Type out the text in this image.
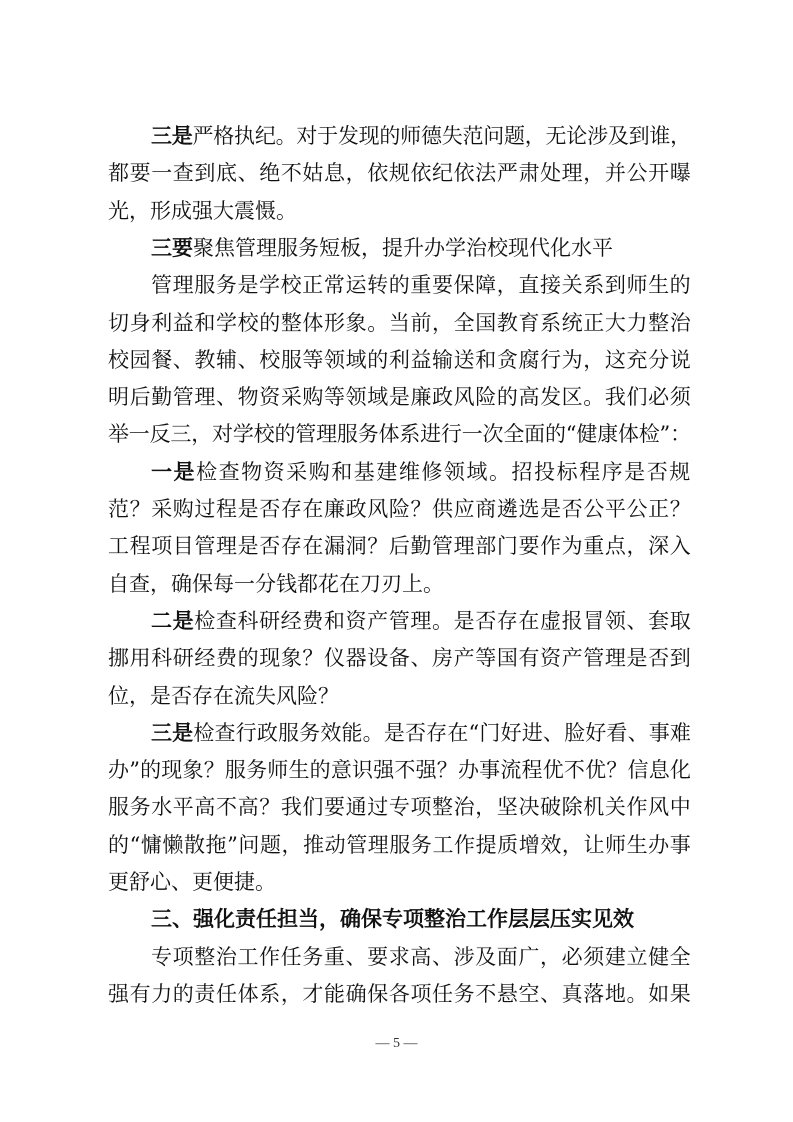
三是严格执纪。对于发现的师德失范问题，无论涉及到谁，
都要一查到底、绝不姑息，依规依纪依法严肃处理，并公开曝
光，形成强大震慑。
三要聚焦管理服务短板，提升办学治校现代化水平
管理服务是学校正常运转的重要保障，直接关系到师生的
切身利益和学校的整体形象。当前，全国教育系统正大力整治
校园餐、教辅、校服等领域的利益输送和贪腐行为，这充分说
明后勤管理、物资采购等领域是廉政风险的高发区。我们必须
举一反三，对学校的管理服务体系进行一次全面的“健康体检”：
一是检查物资采购和基建维修领域。招投标程序是否规
范？采购过程是否存在廉政风险？供应商遴选是否公平公正？
工程项目管理是否存在漏洞？后勤管理部门要作为重点，深入
自查，确保每一分钱都花在刀刃上。
二是检查科研经费和资产管理。是否存在虚报冒领、套取
挪用科研经费的现象？仪器设备、房产等国有资产管理是否到
位，是否存在流失风险？
三是检查行政服务效能。是否存在“门好进、脸好看、事难
办”的现象？服务师生的意识强不强？办事流程优不优？信息化
服务水平高不高？我们要通过专项整治，坚决破除机关作风中
的“慵懒散拖”问题，推动管理服务工作提质增效，让师生办事
更舒心、更便捷。
三、强化责任担当，确保专项整治工作层层压实见效
专项整治工作任务重、要求高、涉及面广，必须建立健全
强有力的责任体系，才能确保各项任务不悬空、真落地。如果
— 5 —
